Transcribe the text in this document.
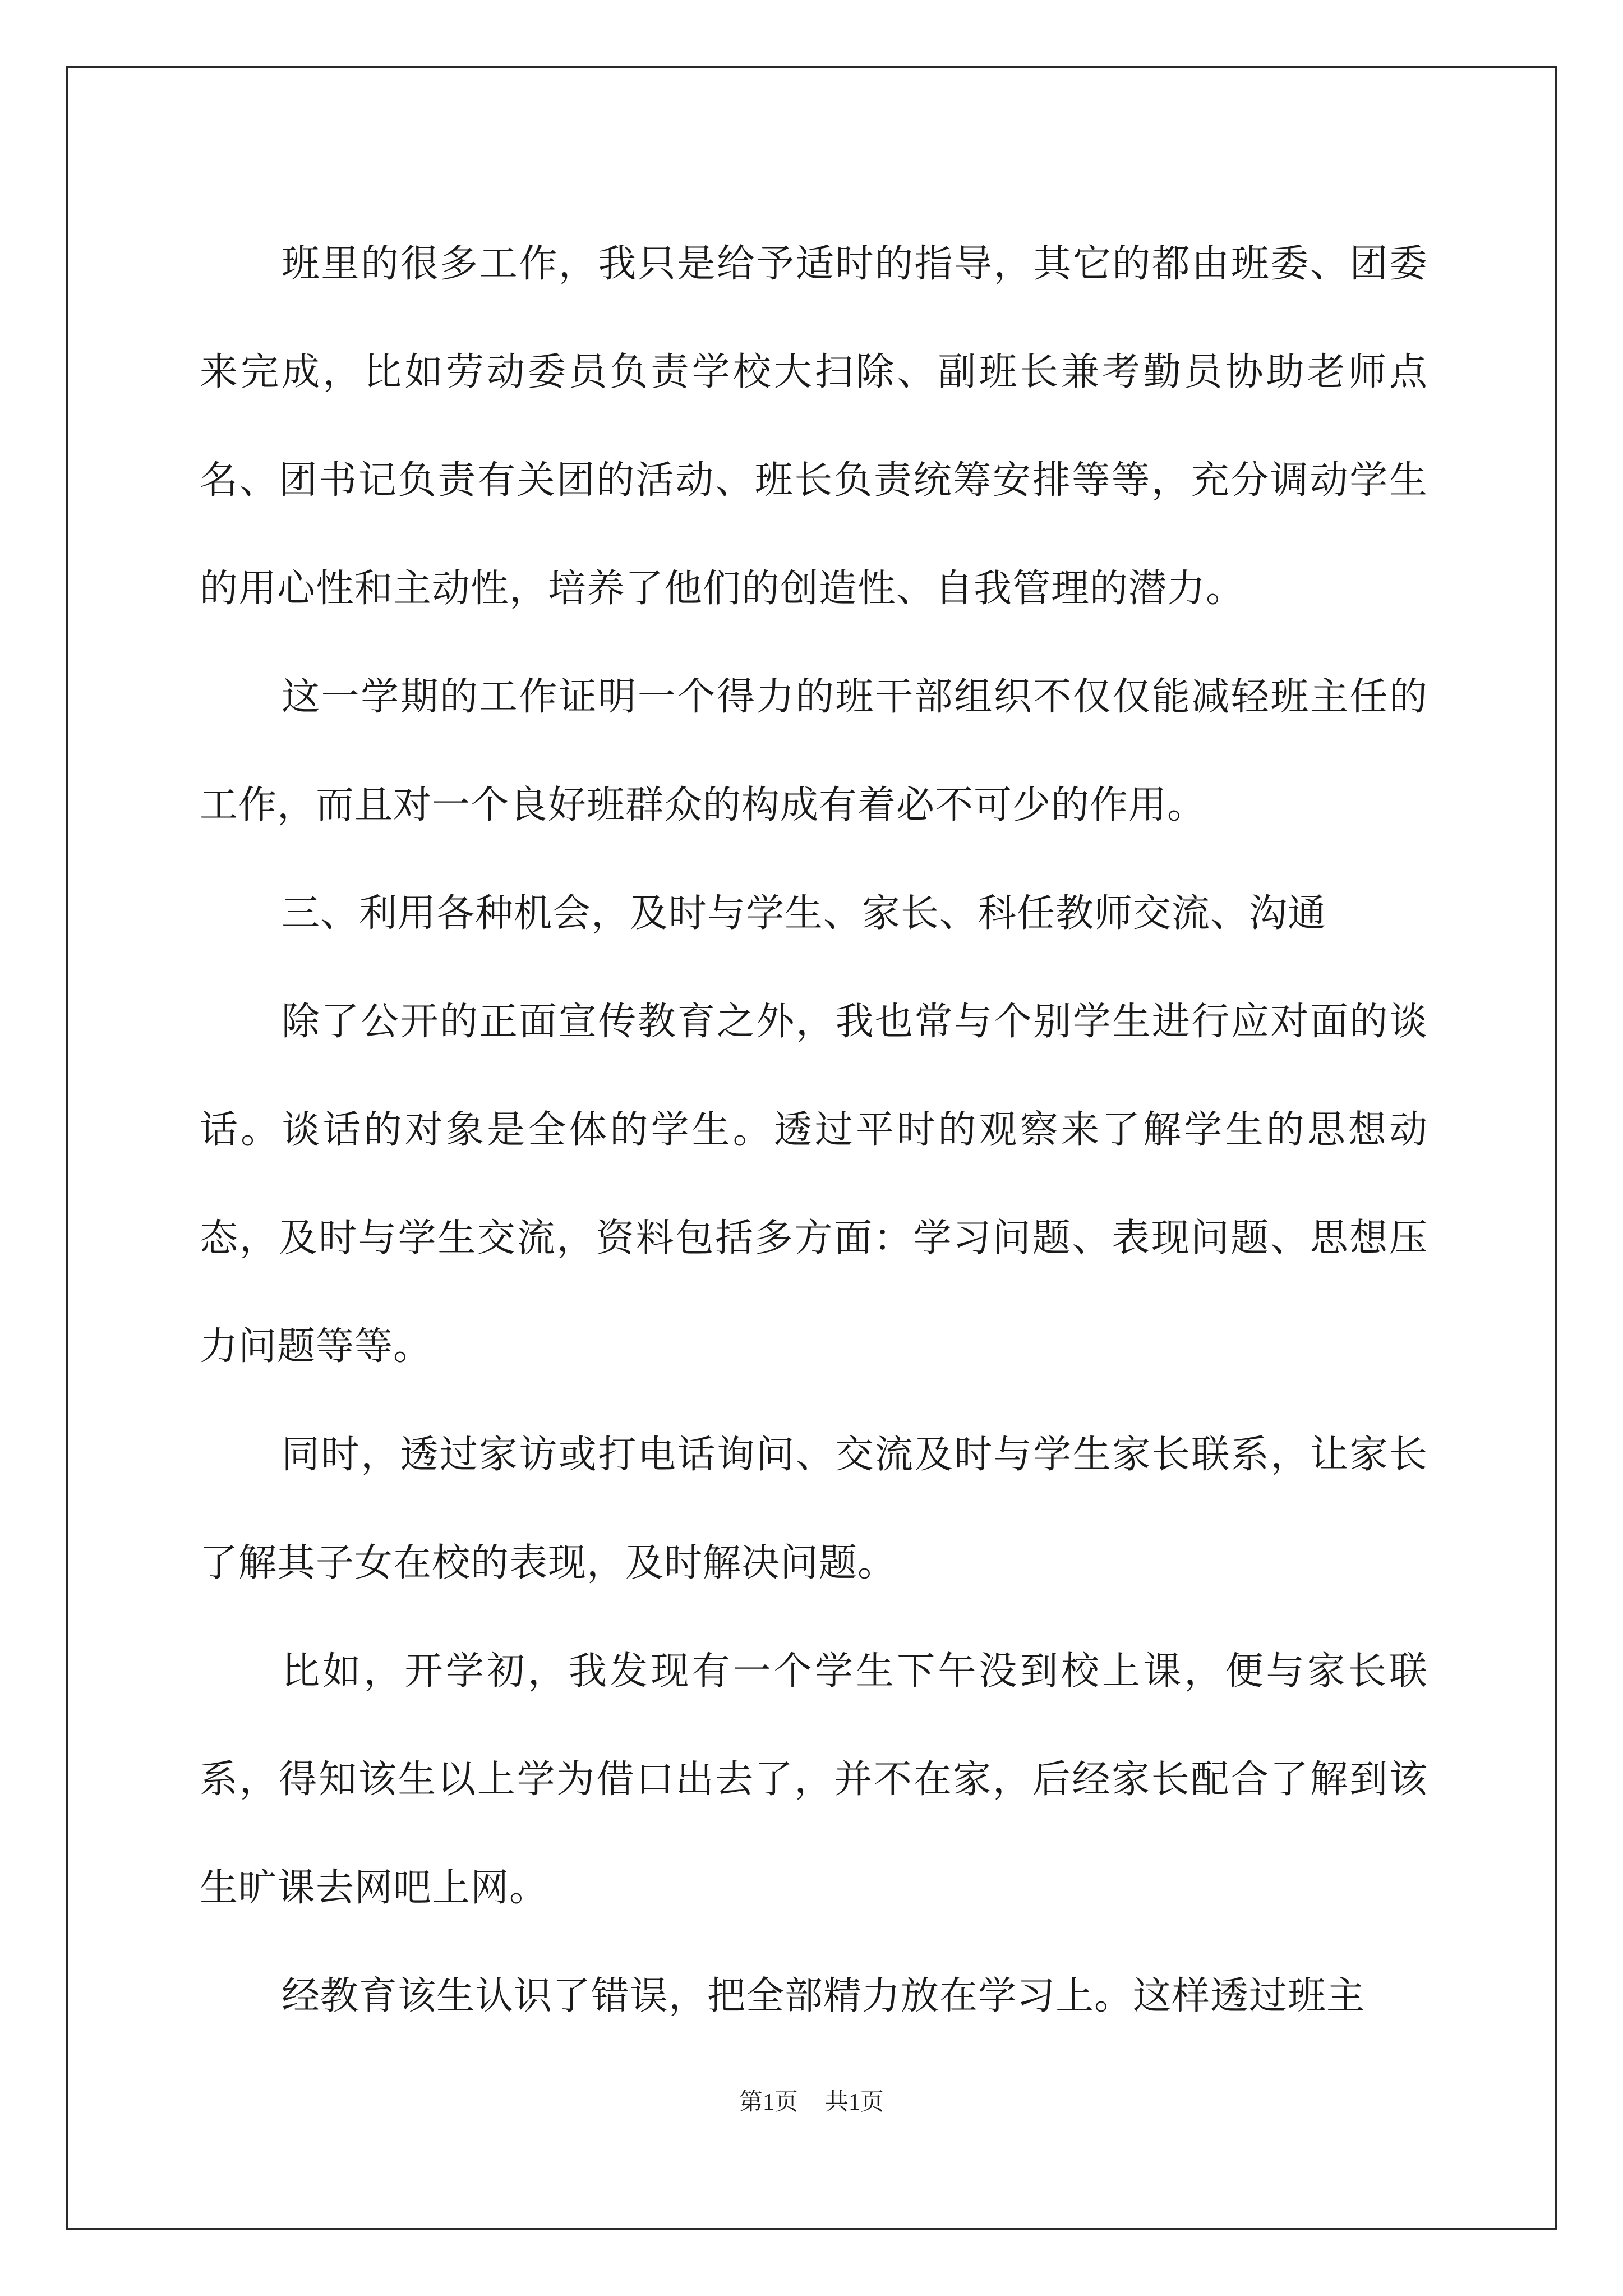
班里的很多工作，我只是给予适时的指导，其它的都由班委、团委来完成，比如劳动委员负责学校大扫除、副班长兼考勤员协助老师点名、团书记负责有关团的活动、班长负责统筹安排等等，充分调动学生的用心性和主动性，培养了他们的创造性、自我管理的潜力。

这一学期的工作证明一个得力的班干部组织不仅仅能减轻班主任的工作，而且对一个良好班群众的构成有着必不可少的作用。

三、利用各种机会，及时与学生、家长、科任教师交流、沟通

除了公开的正面宣传教育之外，我也常与个别学生进行应对面的谈话。谈话的对象是全体的学生。透过平时的观察来了解学生的思想动态，及时与学生交流，资料包括多方面：学习问题、表现问题、思想压力问题等等。

同时，透过家访或打电话询问、交流及时与学生家长联系，让家长了解其子女在校的表现，及时解决问题。

比如，开学初，我发现有一个学生下午没到校上课，便与家长联系，得知该生以上学为借口出去了，并不在家，后经家长配合了解到该生旷课去网吧上网。

经教育该生认识了错误，把全部精力放在学习上。这样透过班主

第1页 共1页
